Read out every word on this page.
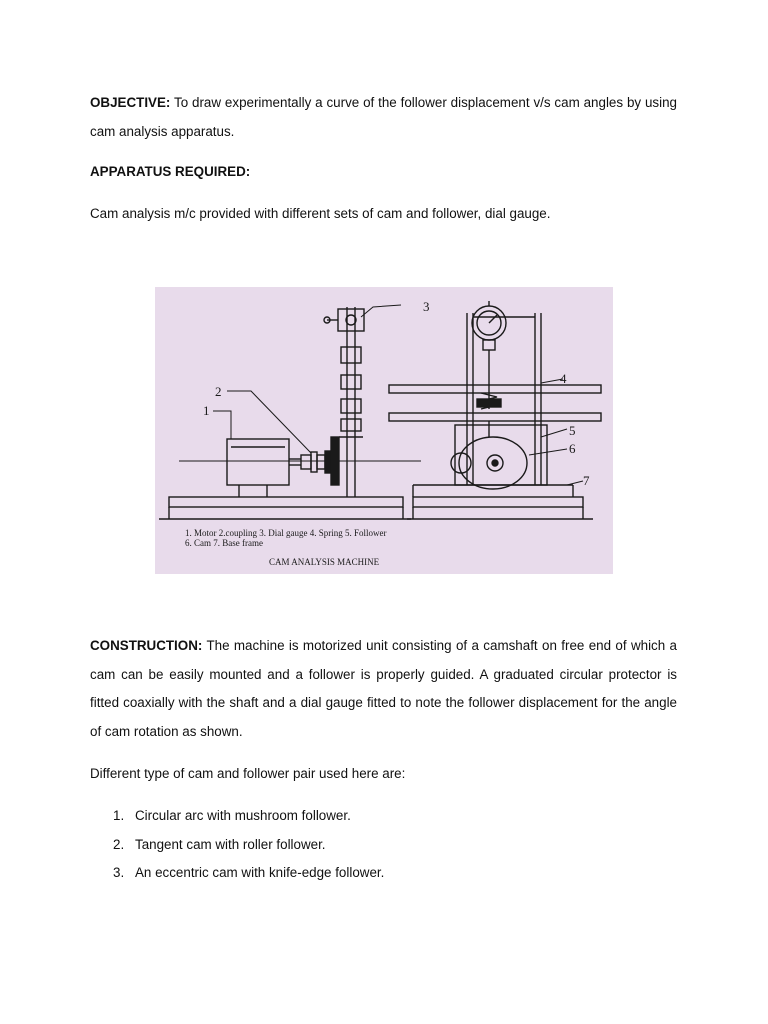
OBJECTIVE: To draw experimentally a curve of the follower displacement v/s cam angles by using cam analysis apparatus.

APPARATUS REQUIRED:

Cam analysis m/c provided with different sets of cam and follower, dial gauge.

3
2
1
4
5
6
7
1. Motor 2.coupling 3. Dial gauge 4. Spring 5. Follower
6. Cam 7. Base frame
CAM ANALYSIS MACHINE

CONSTRUCTION: The machine is motorized unit consisting of a camshaft on free end of which a cam can be easily mounted and a follower is properly guided. A graduated circular protector is fitted coaxially with the shaft and a dial gauge fitted to note the follower displacement for the angle of cam rotation as shown.

Different type of cam and follower pair used here are:

1. Circular arc with mushroom follower.
2. Tangent cam with roller follower.
3. An eccentric cam with knife-edge follower.
